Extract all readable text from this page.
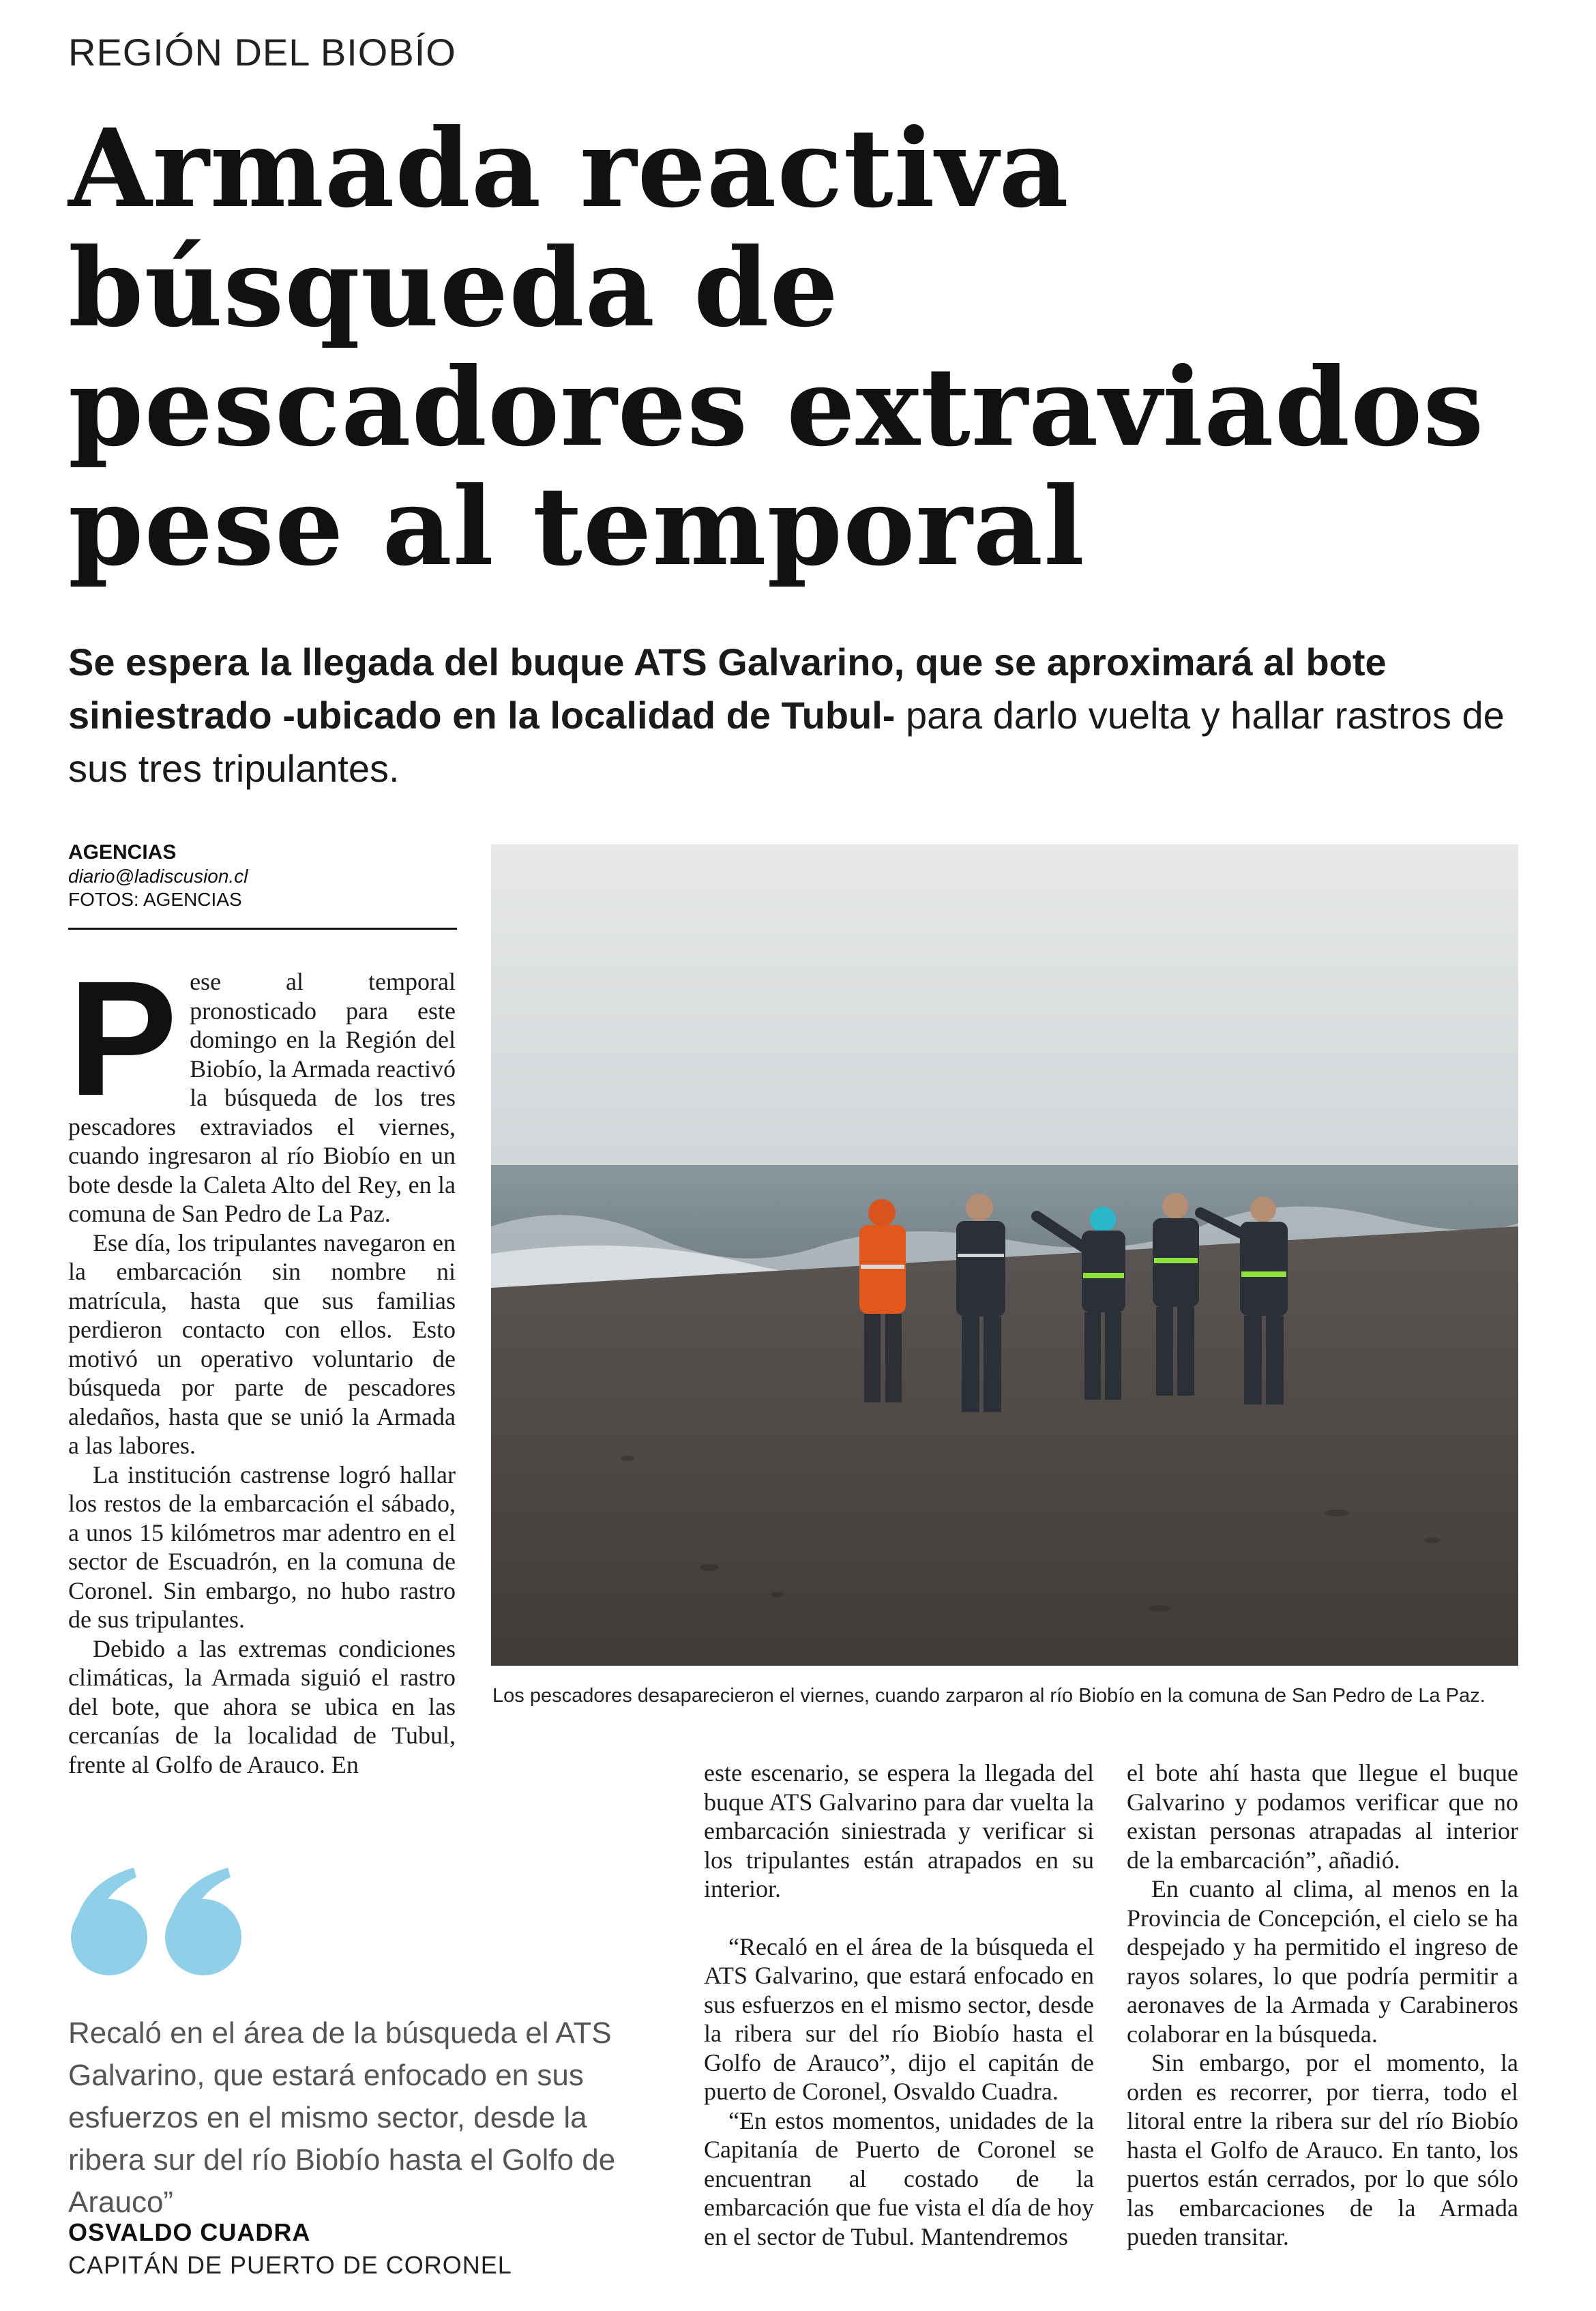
REGIÓN DEL BIOBÍO
Armada reactiva búsqueda de pescadores extraviados pese al temporal
Se espera la llegada del buque ATS Galvarino, que se aproximará al bote siniestrado -ubicado en la localidad de Tubul- para darlo vuelta y hallar rastros de sus tres tripulantes.
AGENCIAS
diario@ladiscusion.cl
FOTOS: AGENCIAS
P ese al temporal pronosticado para este domingo en la Región del Biobío, la Armada reactivó la búsqueda de los tres pescadores extraviados el viernes, cuando ingresaron al río Biobío en un bote desde la Caleta Alto del Rey, en la comuna de San Pedro de La Paz.

Ese día, los tripulantes navegaron en la embarcación sin nombre ni matrícula, hasta que sus familias perdieron contacto con ellos. Esto motivó un operativo voluntario de búsqueda por parte de pescadores aledaños, hasta que se unió la Armada a las labores.

La institución castrense logró hallar los restos de la embarcación el sábado, a unos 15 kilómetros mar adentro en el sector de Escuadrón, en la comuna de Coronel. Sin embargo, no hubo rastro de sus tripulantes.

Debido a las extremas condiciones climáticas, la Armada siguió el rastro del bote, que ahora se ubica en las cercanías de la localidad de Tubul, frente al Golfo de Arauco. En

Los pescadores desaparecieron el viernes, cuando zarparon al río Biobío en la comuna de San Pedro de La Paz.

este escenario, se espera la llegada del buque ATS Galvarino para dar vuelta la embarcación siniestrada y verificar si los tripulantes están atrapados en su interior.

“Recaló en el área de la búsqueda el ATS Galvarino, que estará enfocado en sus esfuerzos en el mismo sector, desde la ribera sur del río Biobío hasta el Golfo de Arauco”, dijo el capitán de puerto de Coronel, Osvaldo Cuadra.

“En estos momentos, unidades de la Capitanía de Puerto de Coronel se encuentran al costado de la embarcación que fue vista el día de hoy en el sector de Tubul. Mantendremos

el bote ahí hasta que llegue el buque Galvarino y podamos verificar que no existan personas atrapadas al interior de la embarcación”, añadió.

En cuanto al clima, al menos en la Provincia de Concepción, el cielo se ha despejado y ha permitido el ingreso de rayos solares, lo que podría permitir a aeronaves de la Armada y Carabineros colaborar en la búsqueda.

Sin embargo, por el momento, la orden es recorrer, por tierra, todo el litoral entre la ribera sur del río Biobío hasta el Golfo de Arauco. En tanto, los puertos están cerrados, por lo que sólo las embarcaciones de la Armada pueden transitar.

Recaló en el área de la búsqueda el ATS Galvarino, que estará enfocado en sus esfuerzos en el mismo sector, desde la ribera sur del río Biobío hasta el Golfo de Arauco”
OSVALDO CUADRA
CAPITÁN DE PUERTO DE CORONEL
